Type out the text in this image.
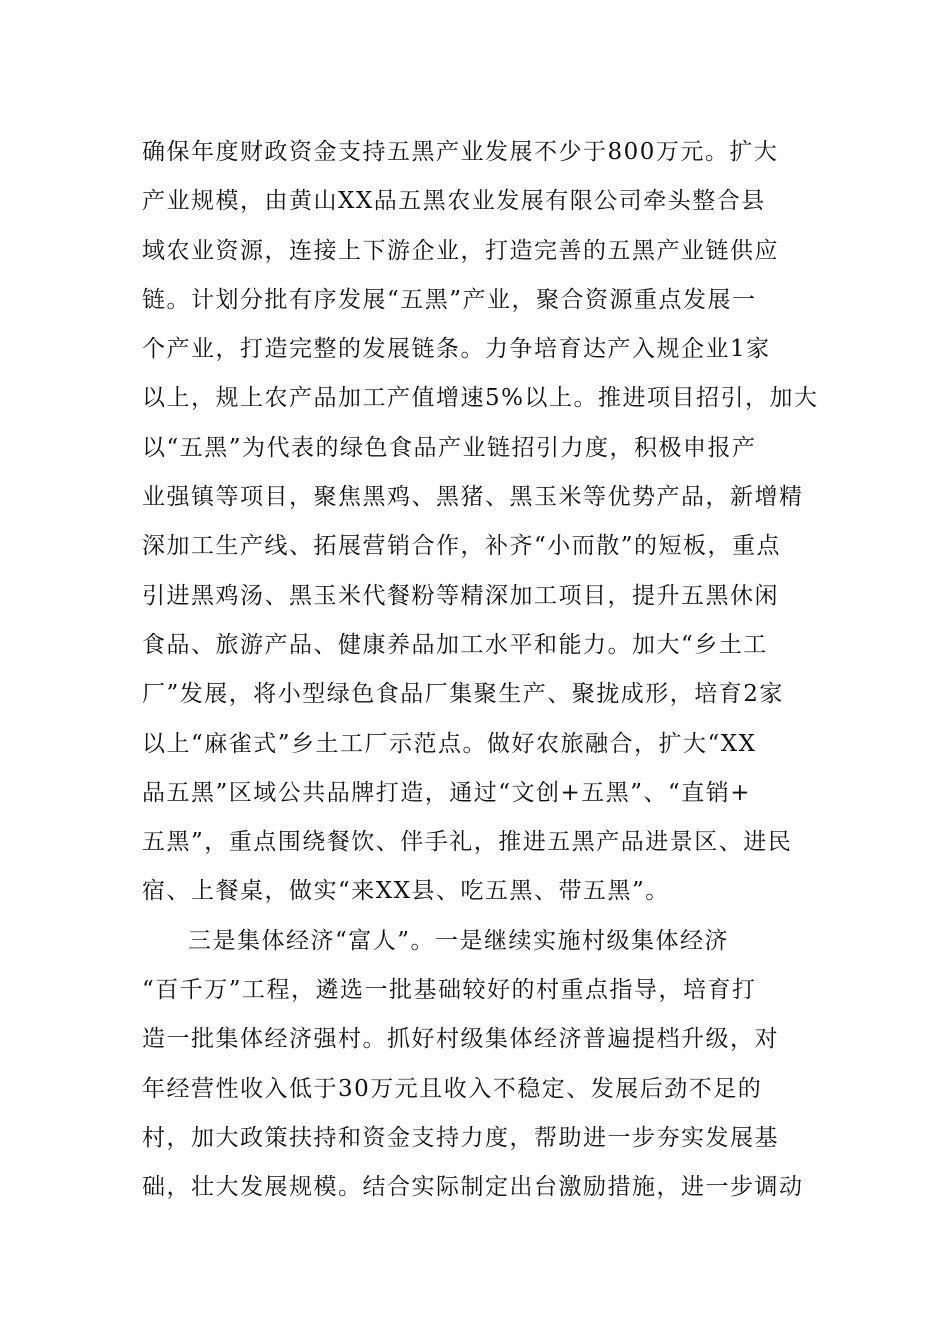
确保年度财政资金支持五黑产业发展不少于800万元。扩大
产业规模，由黄山XX品五黑农业发展有限公司牵头整合县
域农业资源，连接上下游企业，打造完善的五黑产业链供应
链。计划分批有序发展“五黑”产业，聚合资源重点发展一
个产业，打造完整的发展链条。力争培育达产入规企业1家
以上，规上农产品加工产值增速5%以上。推进项目招引，加大
以“五黑”为代表的绿色食品产业链招引力度，积极申报产
业强镇等项目，聚焦黑鸡、黑猪、黑玉米等优势产品，新增精
深加工生产线、拓展营销合作，补齐“小而散”的短板，重点
引进黑鸡汤、黑玉米代餐粉等精深加工项目，提升五黑休闲
食品、旅游产品、健康养品加工水平和能力。加大“乡土工
厂”发展，将小型绿色食品厂集聚生产、聚拢成形，培育2家
以上“麻雀式”乡土工厂示范点。做好农旅融合，扩大“XX
品五黑”区域公共品牌打造，通过“文创+五黑”、“直销+
五黑”，重点围绕餐饮、伴手礼，推进五黑产品进景区、进民
宿、上餐桌，做实“来XX县、吃五黑、带五黑”。
三是集体经济“富人”。一是继续实施村级集体经济
“百千万”工程，遴选一批基础较好的村重点指导，培育打
造一批集体经济强村。抓好村级集体经济普遍提档升级，对
年经营性收入低于30万元且收入不稳定、发展后劲不足的
村，加大政策扶持和资金支持力度，帮助进一步夯实发展基
础，壮大发展规模。结合实际制定出台激励措施，进一步调动
